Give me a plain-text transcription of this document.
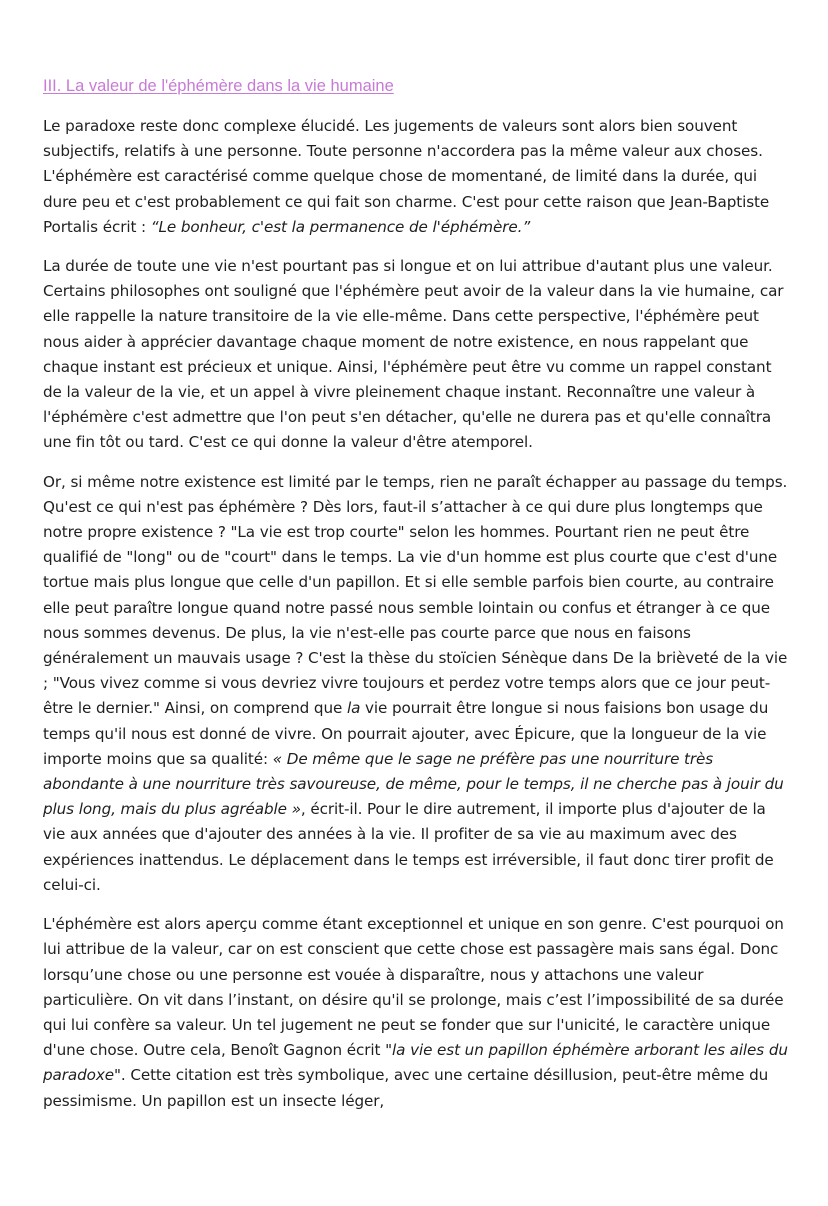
III. La valeur de l'éphémère dans la vie humaine

Le paradoxe reste donc complexe élucidé. Les jugements de valeurs sont alors bien souvent subjectifs, relatifs à une personne. Toute personne n'accordera pas la même valeur aux choses. L'éphémère est caractérisé comme quelque chose de momentané, de limité dans la durée, qui dure peu et c'est probablement ce qui fait son charme. C'est pour cette raison que Jean-Baptiste Portalis écrit : “Le bonheur, c'est la permanence de l'éphémère.”

La durée de toute une vie n'est pourtant pas si longue et on lui attribue d'autant plus une valeur. Certains philosophes ont souligné que l'éphémère peut avoir de la valeur dans la vie humaine, car elle rappelle la nature transitoire de la vie elle-même. Dans cette perspective, l'éphémère peut nous aider à apprécier davantage chaque moment de notre existence, en nous rappelant que chaque instant est précieux et unique. Ainsi, l'éphémère peut être vu comme un rappel constant de la valeur de la vie, et un appel à vivre pleinement chaque instant. Reconnaître une valeur à l'éphémère c'est admettre que l'on peut s'en détacher, qu'elle ne durera pas et qu'elle connaîtra une fin tôt ou tard. C'est ce qui donne la valeur d'être atemporel.

Or, si même notre existence est limité par le temps, rien ne paraît échapper au passage du temps. Qu'est ce qui n'est pas éphémère ? Dès lors, faut-il s’attacher à ce qui dure plus longtemps que notre propre existence ? "La vie est trop courte" selon les hommes. Pourtant rien ne peut être qualifié de "long" ou de "court" dans le temps. La vie d'un homme est plus courte que c'est d'une tortue mais plus longue que celle d'un papillon. Et si elle semble parfois bien courte, au contraire elle peut paraître longue quand notre passé nous semble lointain ou confus et étranger à ce que nous sommes devenus. De plus, la vie n'est-elle pas courte parce que nous en faisons généralement un mauvais usage ? C'est la thèse du stoïcien Sénèque dans De la brièveté de la vie ; "Vous vivez comme si vous devriez vivre toujours et perdez votre temps alors que ce jour peut-être le dernier." Ainsi, on comprend que la vie pourrait être longue si nous faisions bon usage du temps qu'il nous est donné de vivre. On pourrait ajouter, avec Épicure, que la longueur de la vie importe moins que sa qualité: « De même que le sage ne préfère pas une nourriture très abondante à une nourriture très savoureuse, de même, pour le temps, il ne cherche pas à jouir du plus long, mais du plus agréable », écrit-il. Pour le dire autrement, il importe plus d'ajouter de la vie aux années que d'ajouter des années à la vie. Il profiter de sa vie au maximum avec des expériences inattendus. Le déplacement dans le temps est irréversible, il faut donc tirer profit de celui-ci.

L'éphémère est alors aperçu comme étant exceptionnel et unique en son genre. C'est pourquoi on lui attribue de la valeur, car on est conscient que cette chose est passagère mais sans égal. Donc lorsqu’une chose ou une personne est vouée à disparaître, nous y attachons une valeur particulière. On vit dans l’instant, on désire qu'il se prolonge, mais c’est l’impossibilité de sa durée qui lui confère sa valeur. Un tel jugement ne peut se fonder que sur l'unicité, le caractère unique d'une chose. Outre cela, Benoît Gagnon écrit "la vie est un papillon éphémère arborant les ailes du paradoxe". Cette citation est très symbolique, avec une certaine désillusion, peut-être même du pessimisme. Un papillon est un insecte léger,
